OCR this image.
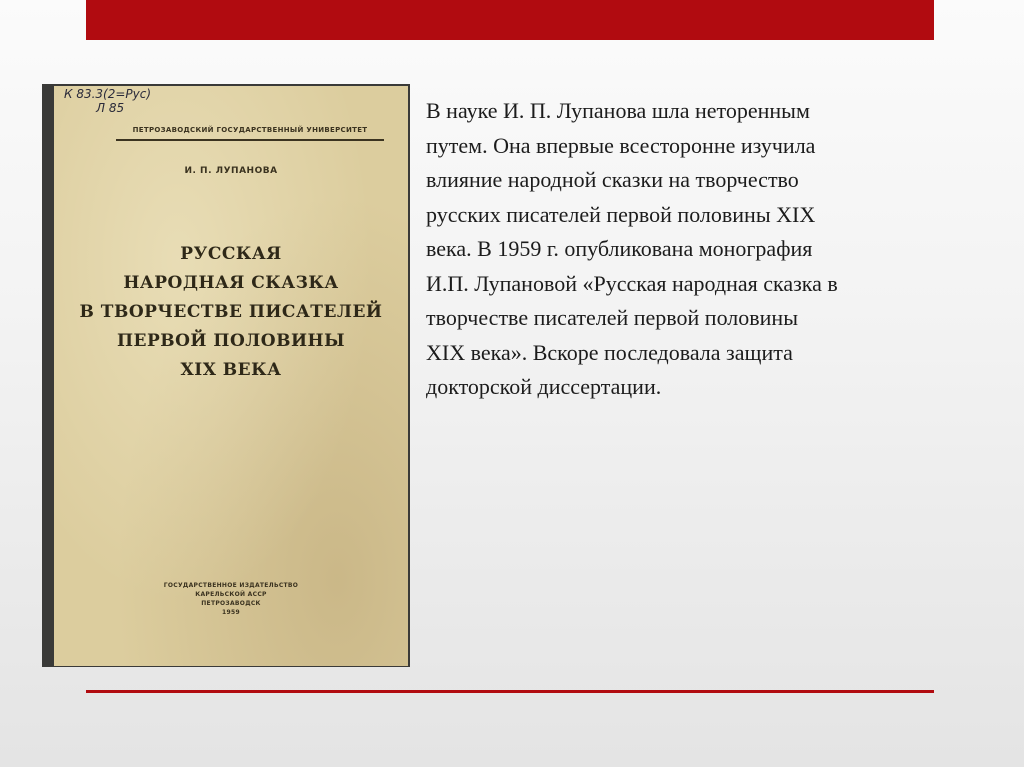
К 83.3(2=Рус)
Л 85
ПЕТРОЗАВОДСКИЙ ГОСУДАРСТВЕННЫЙ УНИВЕРСИТЕТ
И. П. ЛУПАНОВА
РУССКАЯ
НАРОДНАЯ СКАЗКА
В ТВОРЧЕСТВЕ ПИСАТЕЛЕЙ
ПЕРВОЙ ПОЛОВИНЫ
XIX ВЕКА
ГОСУДАРСТВЕННОЕ ИЗДАТЕЛЬСТВО
КАРЕЛЬСКОЙ АССР
ПЕТРОЗАВОДСК
1959

В науке И. П. Лупанова шла неторенным

путем. Она впервые всесторонне изучила

влияние народной сказки на творчество

русских писателей первой половины XIX

века. В 1959 г. опубликована монография

И.П. Лупановой «Русская народная сказка в

творчестве писателей первой половины

XIX века». Вскоре последовала защита

докторской диссертации.
